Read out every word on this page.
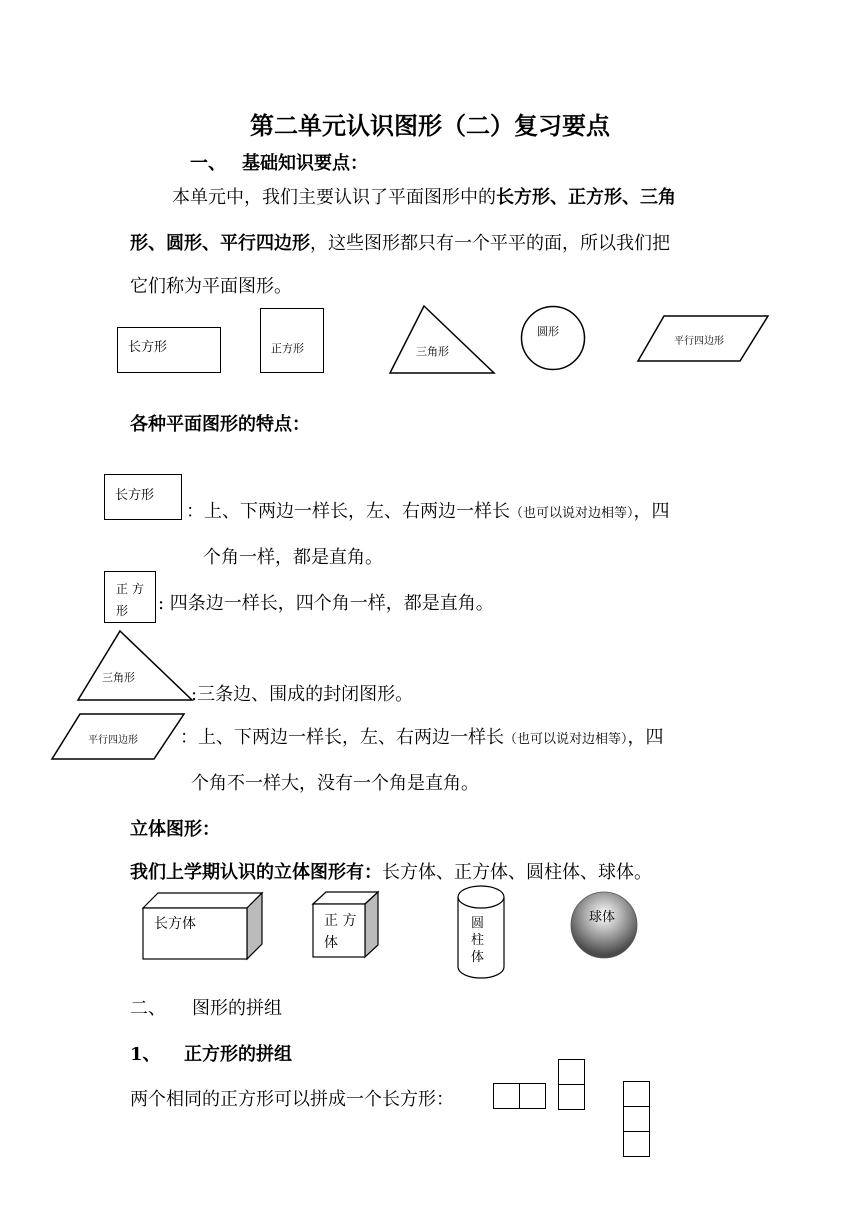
第二单元认识图形（二）复习要点
一、 基础知识要点：
本单元中，我们主要认识了平面图形中的长方形、正方形、三角
形、圆形、平行四边形，这些图形都只有一个平平的面，所以我们把
它们称为平面图形。
长方形	正方形	三角形
圆形
平行四边形
各种平面图形的特点：
长方形
：上、下两边一样长，左、右两边一样长（也可以说对边相等），四
个角一样，都是直角。
正 方
形 : 四条边一样长，四个角一样，都是直角。
三角形
:三条边、围成的封闭图形。
平行四边形 ：上、下两边一样长，左、右两边一样长（也可以说对边相等），四
个角不一样大，没有一个角是直角。
立体图形：
我们上学期认识的立体图形有：长方体、正方体、圆柱体、球体。
长方体	正 方
体
圆
柱
体
球体
二、 图形的拼组
1、 正方形的拼组
两个相同的正方形可以拼成一个长方形：
